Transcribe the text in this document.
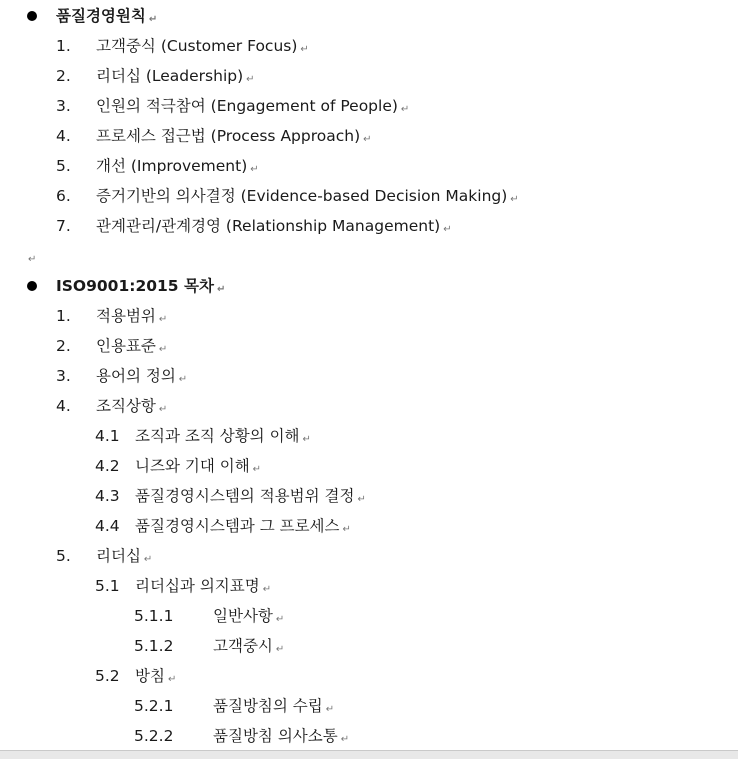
품질경영원칙 ↵
1. 고객중식 (Customer Focus) ↵
2. 리더십 (Leadership) ↵
3. 인원의 적극참여 (Engagement of People) ↵
4. 프로세스 접근법 (Process Approach) ↵
5. 개선 (Improvement) ↵
6. 증거기반의 의사결정 (Evidence-based Decision Making) ↵
7. 관계관리/관계경영 (Relationship Management) ↵
↵
ISO9001:2015 목차 ↵
1. 적용범위 ↵
2. 인용표준 ↵
3. 용어의 정의 ↵
4. 조직상항 ↵
4.1 조직과 조직 상황의 이해 ↵
4.2 니즈와 기대 이해 ↵
4.3 품질경영시스템의 적용범위 결정 ↵
4.4 품질경영시스템과 그 프로세스 ↵
5. 리더십 ↵
5.1 리더십과 의지표명 ↵
5.1.1	일반사항 ↵
5.1.2	고객중시 ↵
5.2 방침 ↵
5.2.1	품질방침의 수립 ↵
5.2.2	품질방침 의사소통 ↵
